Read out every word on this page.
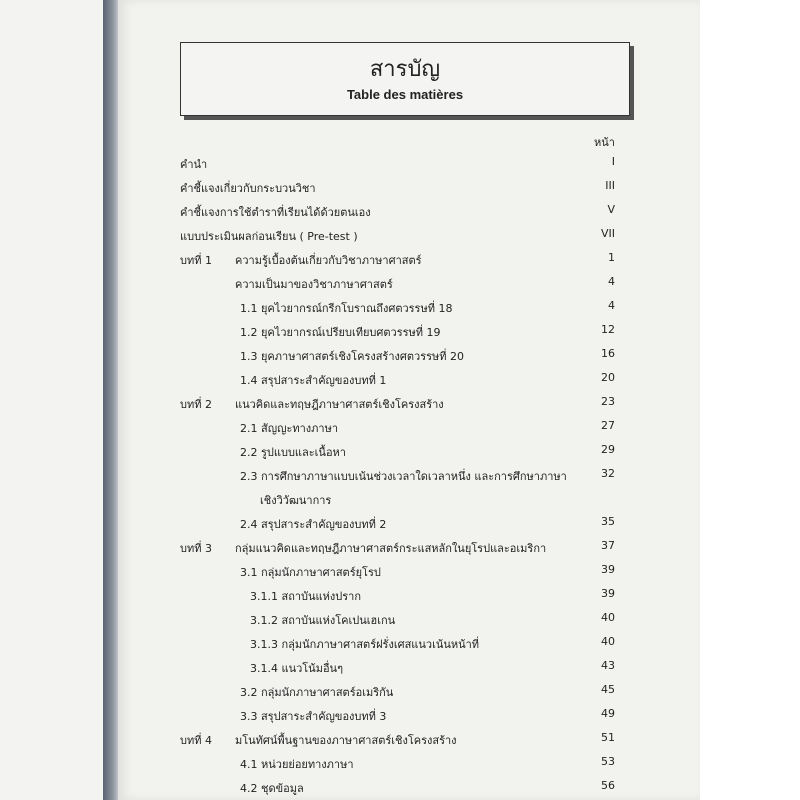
สารบัญ
Table des matières
หน้า
คำนำ	I
คำชี้แจงเกี่ยวกับกระบวนวิชา	III
คำชี้แจงการใช้ตำราที่เรียนได้ด้วยตนเอง	V
แบบประเมินผลก่อนเรียน ( Pre-test )	VII
บทที่ 1 ความรู้เบื้องต้นเกี่ยวกับวิชาภาษาศาสตร์	1
ความเป็นมาของวิชาภาษาศาสตร์	4
1.1 ยุคไวยากรณ์กรีกโบราณถึงศตวรรษที่ 18	4
1.2 ยุคไวยากรณ์เปรียบเทียบศตวรรษที่ 19	12
1.3 ยุคภาษาศาสตร์เชิงโครงสร้างศตวรรษที่ 20	16
1.4 สรุปสาระสำคัญของบทที่ 1	20
บทที่ 2 แนวคิดและทฤษฎีภาษาศาสตร์เชิงโครงสร้าง	23
2.1 สัญญะทางภาษา	27
2.2 รูปแบบและเนื้อหา	29
2.3 การศึกษาภาษาแบบเน้นช่วงเวลาใดเวลาหนึ่ง และการศึกษาภาษา	32
เชิงวิวัฒนาการ
2.4 สรุปสาระสำคัญของบทที่ 2	35
บทที่ 3 กลุ่มแนวคิดและทฤษฎีภาษาศาสตร์กระแสหลักในยุโรปและอเมริกา	37
3.1 กลุ่มนักภาษาศาสตร์ยุโรป	39
3.1.1 สถาบันแห่งปราก	39
3.1.2 สถาบันแห่งโคเปนเฮเกน	40
3.1.3 กลุ่มนักภาษาศาสตร์ฝรั่งเศสแนวเน้นหน้าที่	40
3.1.4 แนวโน้มอื่นๆ	43
3.2 กลุ่มนักภาษาศาสตร์อเมริกัน	45
3.3 สรุปสาระสำคัญของบทที่ 3	49
บทที่ 4 มโนทัศน์พื้นฐานของภาษาศาสตร์เชิงโครงสร้าง	51
4.1 หน่วยย่อยทางภาษา	53
4.2 ชุดข้อมูล	56
